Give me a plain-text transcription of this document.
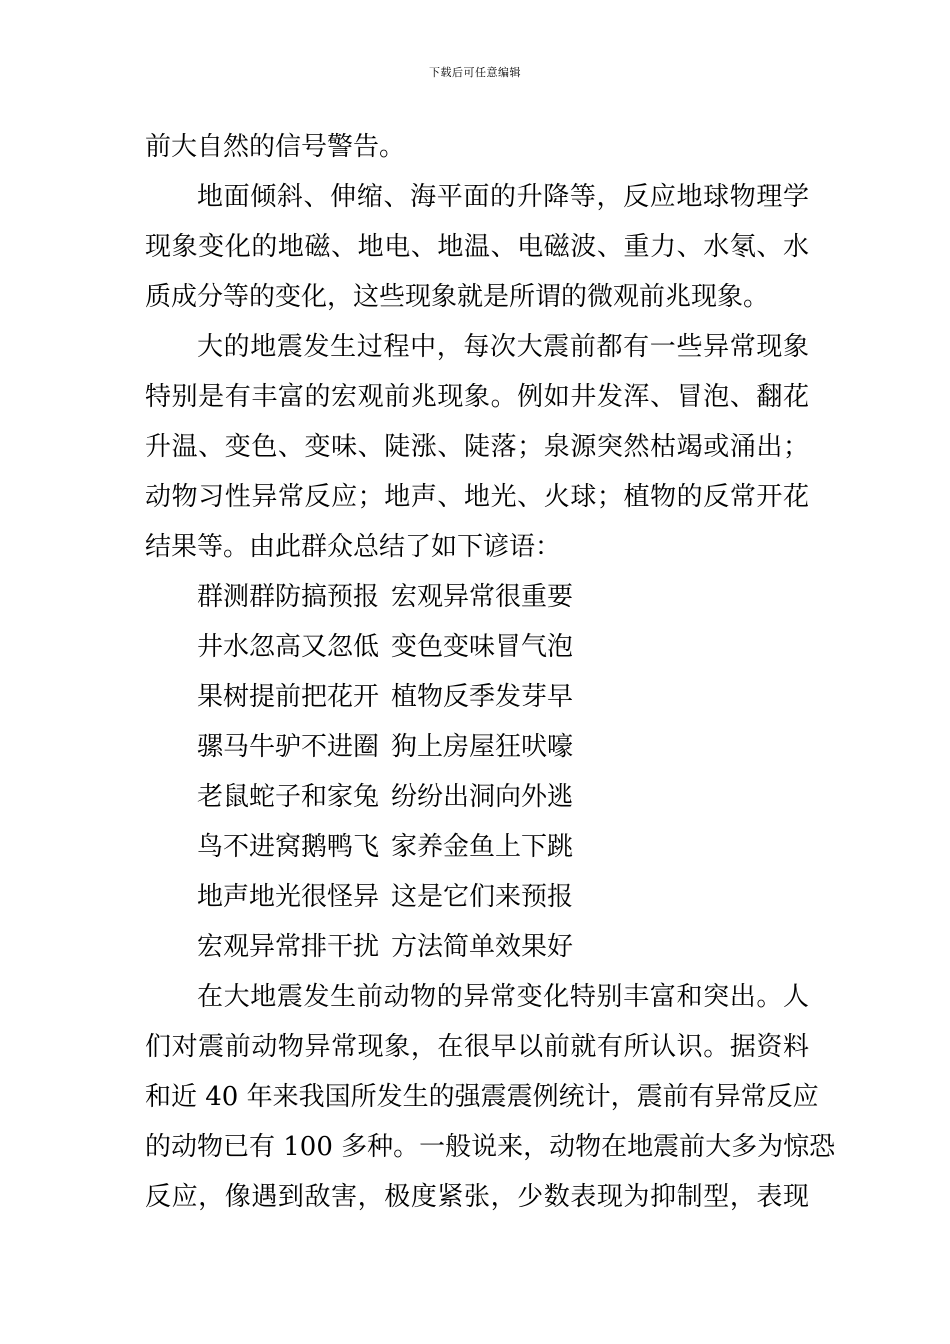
下载后可任意编辑
前大自然的信号警告。
地面倾斜、伸缩、海平面的升降等，反应地球物理学
现象变化的地磁、地电、地温、电磁波、重力、水氡、水
质成分等的变化，这些现象就是所谓的微观前兆现象。
大的地震发生过程中，每次大震前都有一些异常现象
特别是有丰富的宏观前兆现象。例如井发浑、冒泡、翻花
升温、变色、变味、陡涨、陡落；泉源突然枯竭或涌出；
动物习性异常反应；地声、地光、火球；植物的反常开花
结果等。由此群众总结了如下谚语：
群测群防搞预报 宏观异常很重要
井水忽高又忽低 变色变味冒气泡
果树提前把花开 植物反季发芽早
骡马牛驴不进圈 狗上房屋狂吠嚎
老鼠蛇子和家兔 纷纷出洞向外逃
鸟不进窝鹅鸭飞 家养金鱼上下跳
地声地光很怪异 这是它们来预报
宏观异常排干扰 方法简单效果好
在大地震发生前动物的异常变化特别丰富和突出。人
们对震前动物异常现象，在很早以前就有所认识。据资料
和近 40 年来我国所发生的强震震例统计，震前有异常反应
的动物已有 100 多种。一般说来，动物在地震前大多为惊恐
反应，像遇到敌害，极度紧张，少数表现为抑制型，表现
